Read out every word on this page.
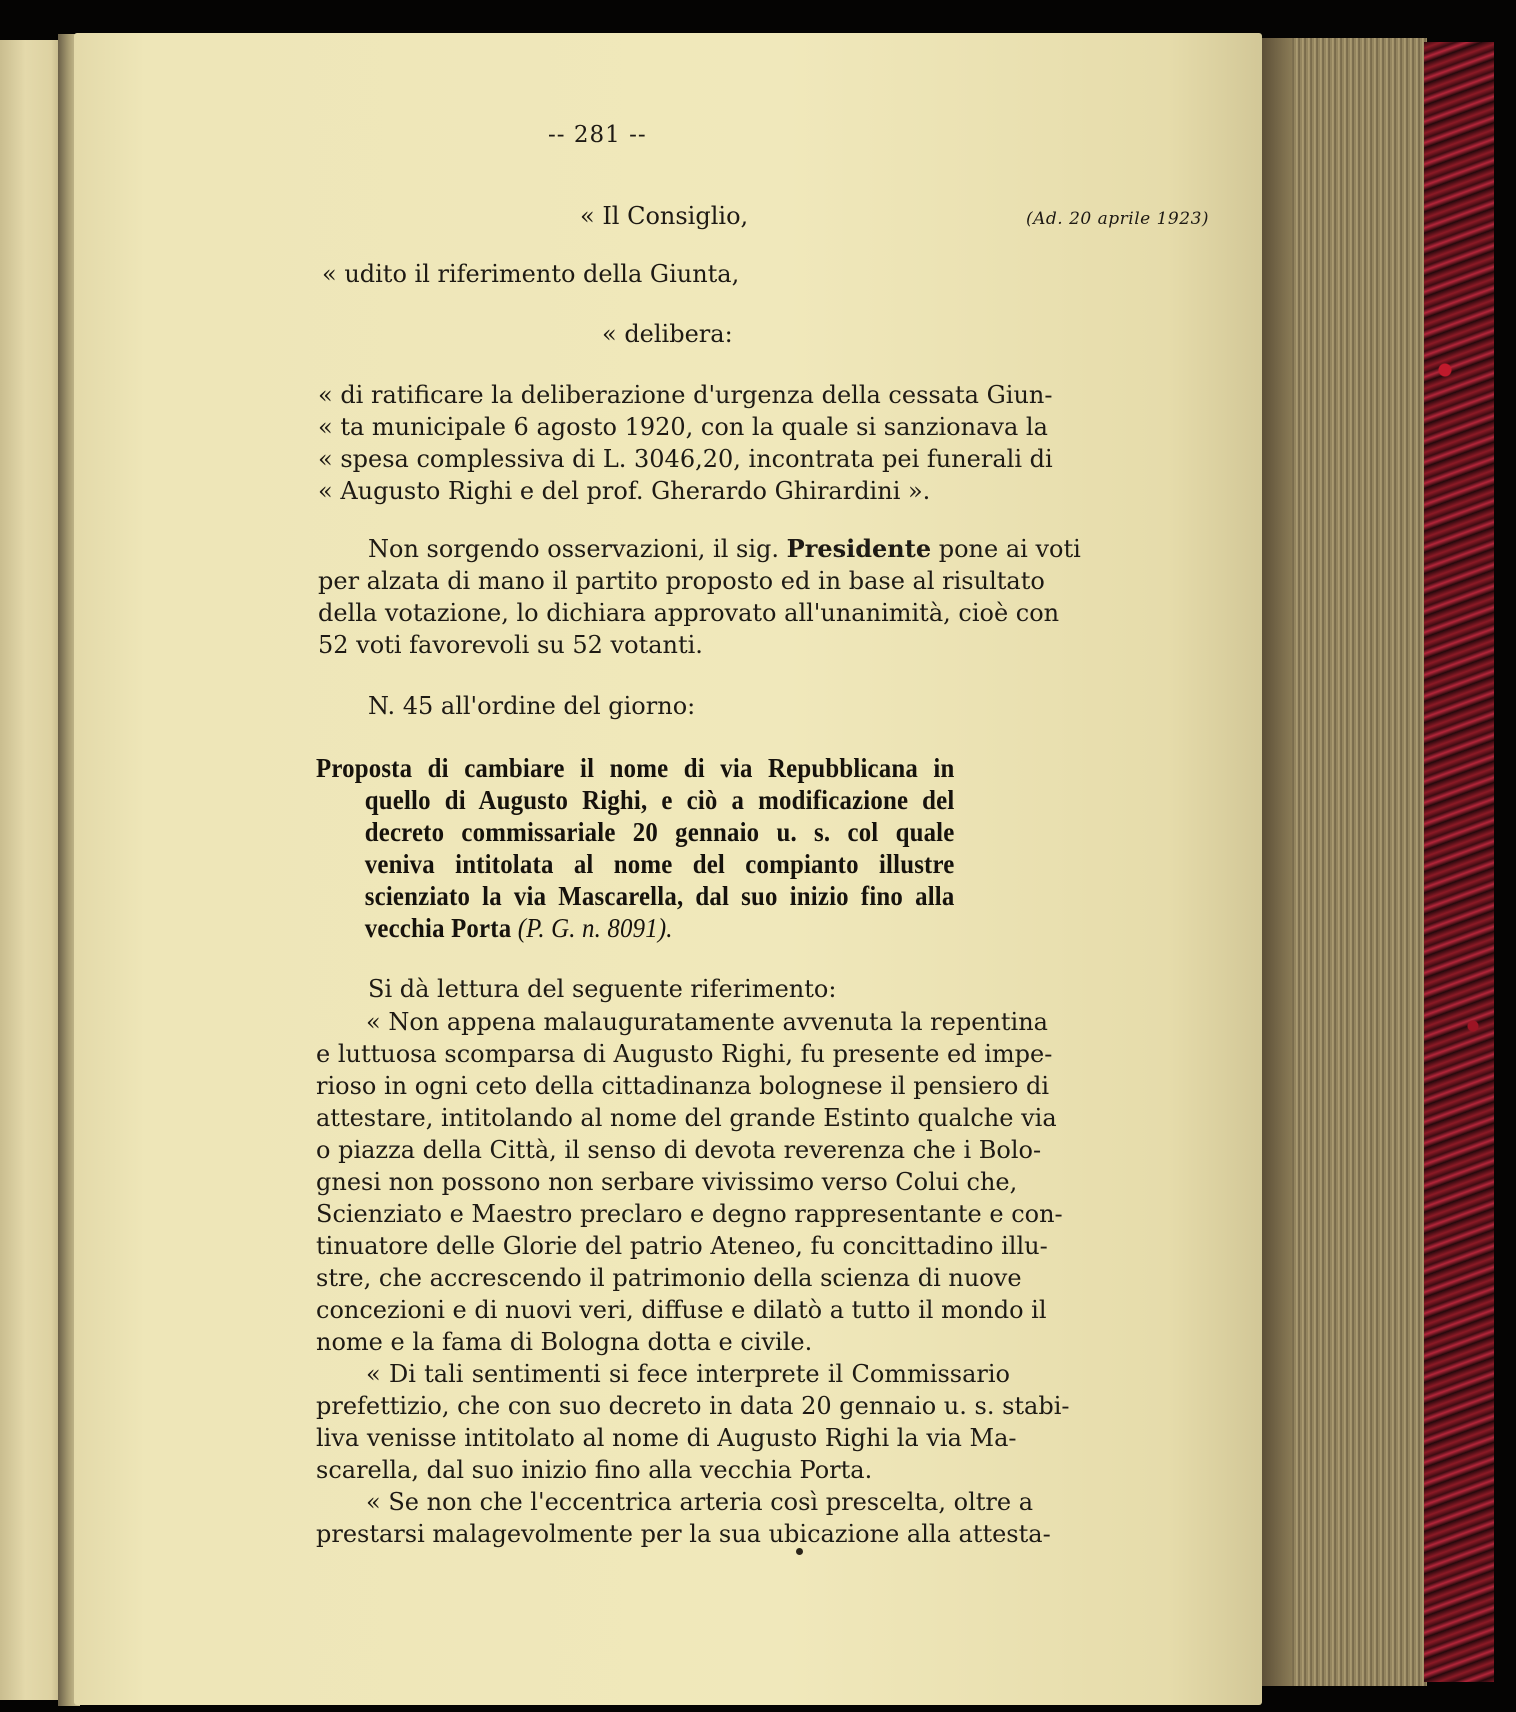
-- 281 --
(Ad. 20 aprile 1923)
« Il Consiglio,
« udito il riferimento della Giunta,
« delibera:
« di ratificare la deliberazione d'urgenza della cessata Giun-
« ta municipale 6 agosto 1920, con la quale si sanzionava la
« spesa complessiva di L. 3046,20, incontrata pei funerali di
« Augusto Righi e del prof. Gherardo Ghirardini ».
Non sorgendo osservazioni, il sig. Presidente pone ai voti
per alzata di mano il partito proposto ed in base al risultato
della votazione, lo dichiara approvato all'unanimità, cioè con
52 voti favorevoli su 52 votanti.
N. 45 all'ordine del giorno:
Proposta di cambiare il nome di via Repubblicana in
quello di Augusto Righi, e ciò a modificazione del
decreto commissariale 20 gennaio u. s. col quale
veniva intitolata al nome del compianto illustre
scienziato la via Mascarella, dal suo inizio fino alla
vecchia Porta (P. G. n. 8091).
Si dà lettura del seguente riferimento:
« Non appena malauguratamente avvenuta la repentina
e luttuosa scomparsa di Augusto Righi, fu presente ed impe-
rioso in ogni ceto della cittadinanza bolognese il pensiero di
attestare, intitolando al nome del grande Estinto qualche via
o piazza della Città, il senso di devota reverenza che i Bolo-
gnesi non possono non serbare vivissimo verso Colui che,
Scienziato e Maestro preclaro e degno rappresentante e con-
tinuatore delle Glorie del patrio Ateneo, fu concittadino illu-
stre, che accrescendo il patrimonio della scienza di nuove
concezioni e di nuovi veri, diffuse e dilatò a tutto il mondo il
nome e la fama di Bologna dotta e civile.
« Di tali sentimenti si fece interprete il Commissario
prefettizio, che con suo decreto in data 20 gennaio u. s. stabi-
liva venisse intitolato al nome di Augusto Righi la via Ma-
scarella, dal suo inizio fino alla vecchia Porta.
« Se non che l'eccentrica arteria così prescelta, oltre a
prestarsi malagevolmente per la sua ubicazione alla attesta-
